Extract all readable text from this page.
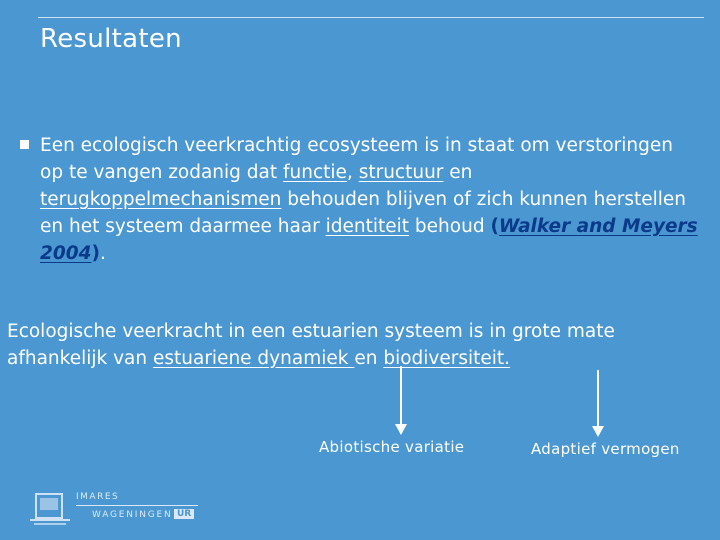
Resultaten
Een ecologisch veerkrachtig ecosysteem is in staat om verstoringen op te vangen zodanig dat functie, structuur en terugkoppelmechanismen behouden blijven of zich kunnen herstellen en het systeem daarmee haar identiteit behoud (Walker and Meyers 2004).
Ecologische veerkracht in een estuarien systeem is in grote mate afhankelijk van estuariene dynamiek en biodiversiteit.
Abiotische variatie	Adaptief vermogen
IMARES
WAGENINGEN UR
